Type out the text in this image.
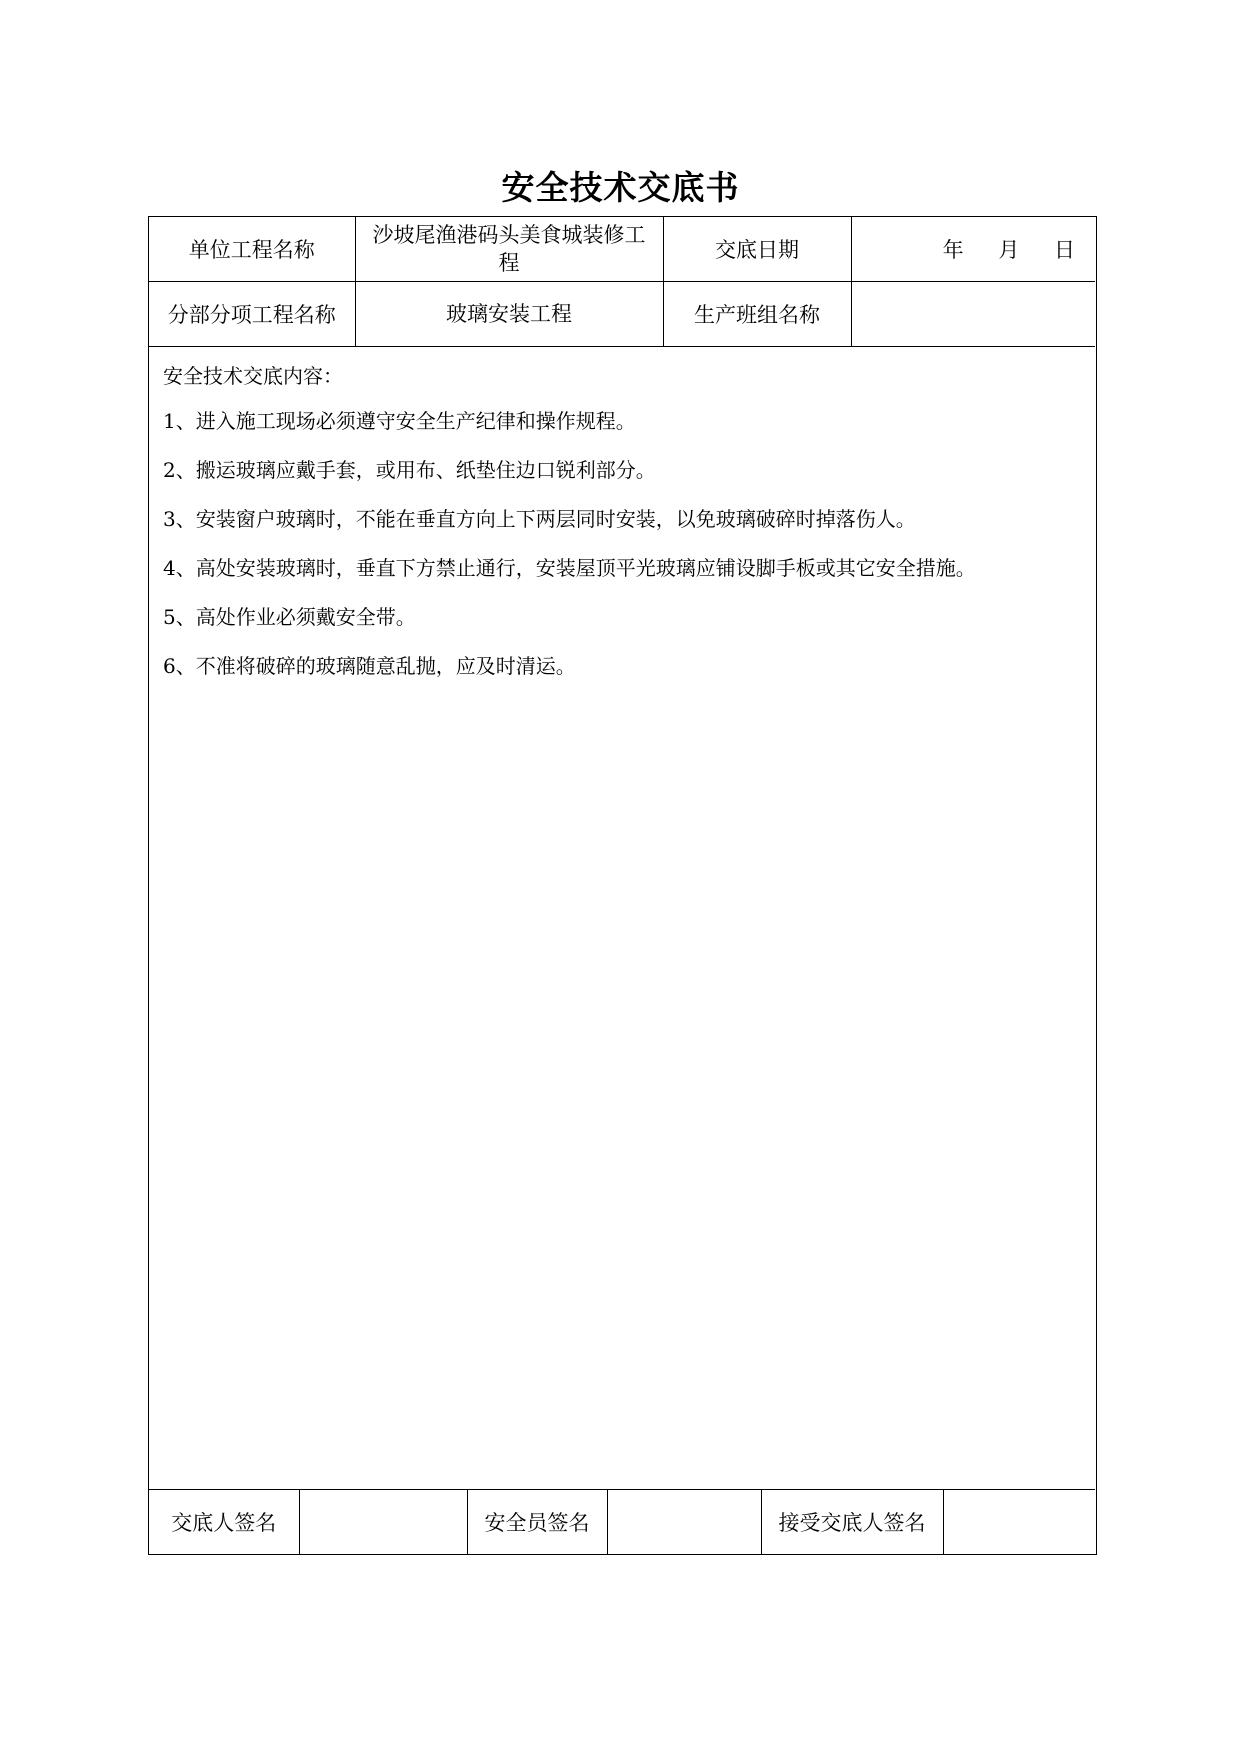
安全技术交底书
单位工程名称	沙坡尾渔港码头美食城装修工程	交底日期	年 月 日
分部分项工程名称	玻璃安装工程	生产班组名称	
安全技术交底内容：
1、进入施工现场必须遵守安全生产纪律和操作规程。
2、搬运玻璃应戴手套，或用布、纸垫住边口锐利部分。
3、安装窗户玻璃时，不能在垂直方向上下两层同时安装，以免玻璃破碎时掉落伤人。
4、高处安装玻璃时，垂直下方禁止通行，安装屋顶平光玻璃应铺设脚手板或其它安全措施。
5、高处作业必须戴安全带。
6、不准将破碎的玻璃随意乱抛，应及时清运。
交底人签名		安全员签名		接受交底人签名	
